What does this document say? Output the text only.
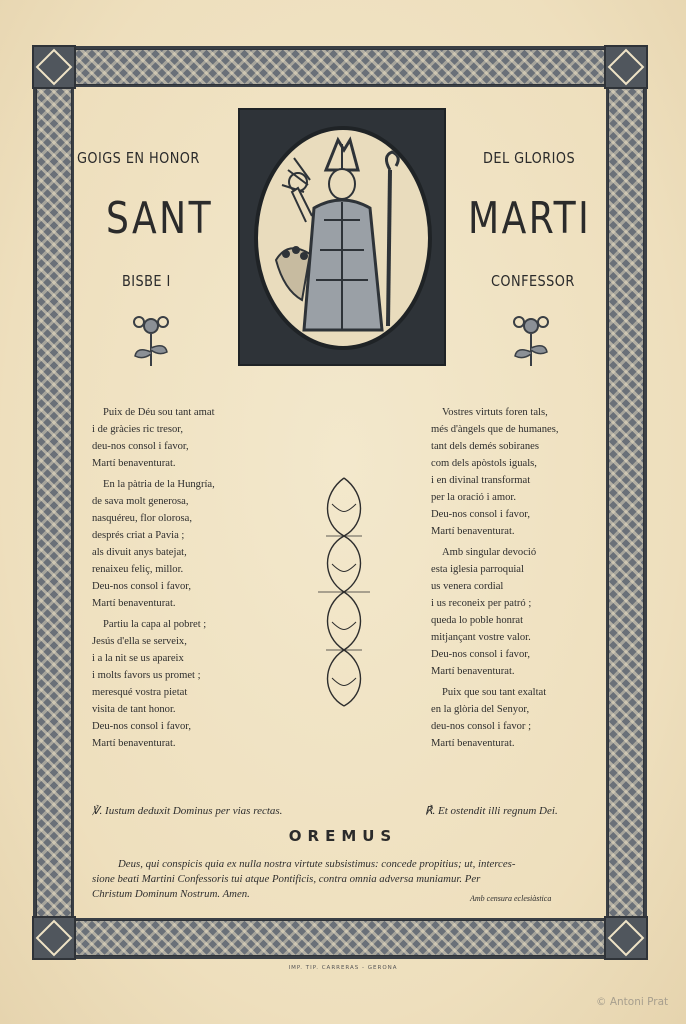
GOIGS EN HONOR	DEL GLORIOS
SANT	MARTI
BISBE I	CONFESSOR
Puix de Déu sou tant amat
i de gràcies ric tresor,
deu-nos consol i favor,
Martí benaventurat.

En la pàtria de la Hungría,
de sava molt generosa,
nasquéreu, flor olorosa,
després criat a Pavia ;
als divuit anys batejat,
renaixeu feliç, millor.
Deu-nos consol i favor,
Martí benaventurat.

Partiu la capa al pobret ;
Jesús d'ella se serveix,
i a la nit se us apareix
i molts favors us promet ;
meresqué vostra pietat
visita de tant honor.
Deu-nos consol i favor,
Martí benaventurat.
Vostres virtuts foren tals,
més d'àngels que de humanes,
tant dels demés sobiranes
com dels apòstols iguals,
i en divinal transformat
per la oració i amor.
Deu-nos consol i favor,
Martí benaventurat.

Amb singular devoció
esta iglesia parroquial
us venera cordial
i us reconeix per patró ;
queda lo poble honrat
mitjançant vostre valor.
Deu-nos consol i favor,
Martí benaventurat.

Puix que sou tant exaltat
en la glòria del Senyor,
deu-nos consol i favor ;
Martí benaventurat.
℣. Iustum deduxit Dominus per vias rectas.	℟. Et ostendit illi regnum Dei.
OREMUS
Deus, qui conspicis quia ex nulla nostra virtute subsistimus: concede propitius; ut, interces-
sione beati Martini Confessoris tui atque Pontificis, contra omnia adversa muniamur. Per
Christum Dominum Nostrum. Amen.	Amb censura eclesiàstica
IMP. TIP. CARRERAS - GERONA
© Antoni Prat
